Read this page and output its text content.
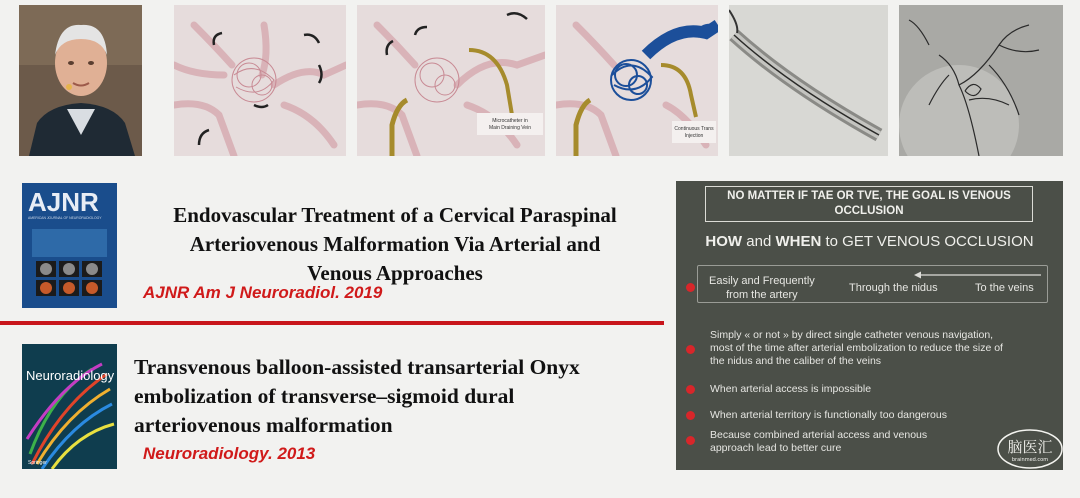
Microcatheter in
Main Draining Vein	Continuous Trans
Injection
AJNR
AMERICAN JOURNAL OF NEURORADIOLOGY	Endovascular Treatment of a Cervical Paraspinal
Arteriovenous Malformation Via Arterial and
Venous Approaches
AJNR Am J Neuroradiol. 2019
Neuroradiology
Springer
Transvenous balloon-assisted transarterial Onyx
embolization of transverse–sigmoid dural
arteriovenous malformation
Neuroradiology. 2013
NO MATTER IF TAE OR TVE, THE GOAL IS VENOUS
OCCLUSION
HOW and WHEN to GET VENOUS OCCLUSION
Easily and Frequently
from the artery
Through the nidus	To the veins
Simply « or not » by direct single catheter venous navigation,
most of the time after arterial embolization to reduce the size of
the nidus and the caliber of the veins
When arterial access is impossible
When arterial territory is functionally too dangerous
Because combined arterial access and venous
approach lead to better cure	脑医汇
brainmed.com
